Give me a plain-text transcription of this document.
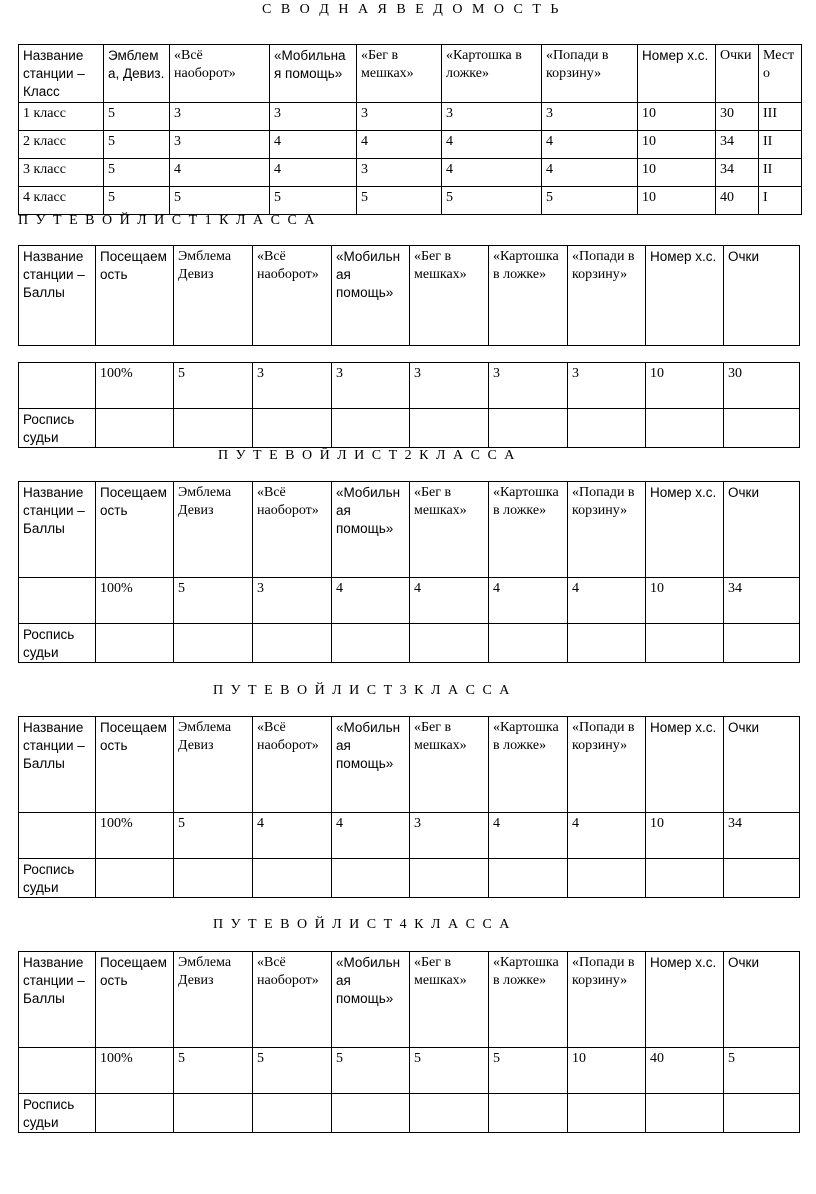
С В О Д Н А Я В Е Д О М О С Т Ь
Название станции – Класс	Эмблема, Девиз.	«Всё наоборот»	«Мобильная помощь»	«Бег в мешках»	«Картошка в ложке»	«Попади в корзину»	Номер х.с.	Очки	Место
1 класс	5	3	3	3	3	3	10	30	III
2 класс	5	3	4	4	4	4	10	34	II
3 класс	5	4	4	3	4	4	10	34	II
4 класс	5	5	5	5	5	5	10	40	I
П У Т Е В О Й Л И С Т 1 К Л А С С А
Название станции – Баллы	Посещаемость	Эмблема Девиз	«Всё наоборот»	«Мобильная помощь»	«Бег в мешках»	«Картошка в ложке»	«Попади в корзину»	Номер х.с.	Очки
	100%	5	3	3	3	3	3	10	30
Роспись судьи									
П У Т Е В О Й Л И С Т 2 К Л А С С А
Название станции – Баллы	Посещаемость	Эмблема Девиз	«Всё наоборот»	«Мобильная помощь»	«Бег в мешках»	«Картошка в ложке»	«Попади в корзину»	Номер х.с.	Очки
	100%	5	3	4	4	4	4	10	34
Роспись судьи									
П У Т Е В О Й Л И С Т 3 К Л А С С А
Название станции – Баллы	Посещаемость	Эмблема Девиз	«Всё наоборот»	«Мобильная помощь»	«Бег в мешках»	«Картошка в ложке»	«Попади в корзину»	Номер х.с.	Очки
	100%	5	4	4	3	4	4	10	34
Роспись судьи									
П У Т Е В О Й Л И С Т 4 К Л А С С А
Название станции – Баллы	Посещаемость	Эмблема Девиз	«Всё наоборот»	«Мобильная помощь»	«Бег в мешках»	«Картошка в ложке»	«Попади в корзину»	Номер х.с.	Очки
	100%	5	5	5	5	5	10	40	5
Роспись судьи									
